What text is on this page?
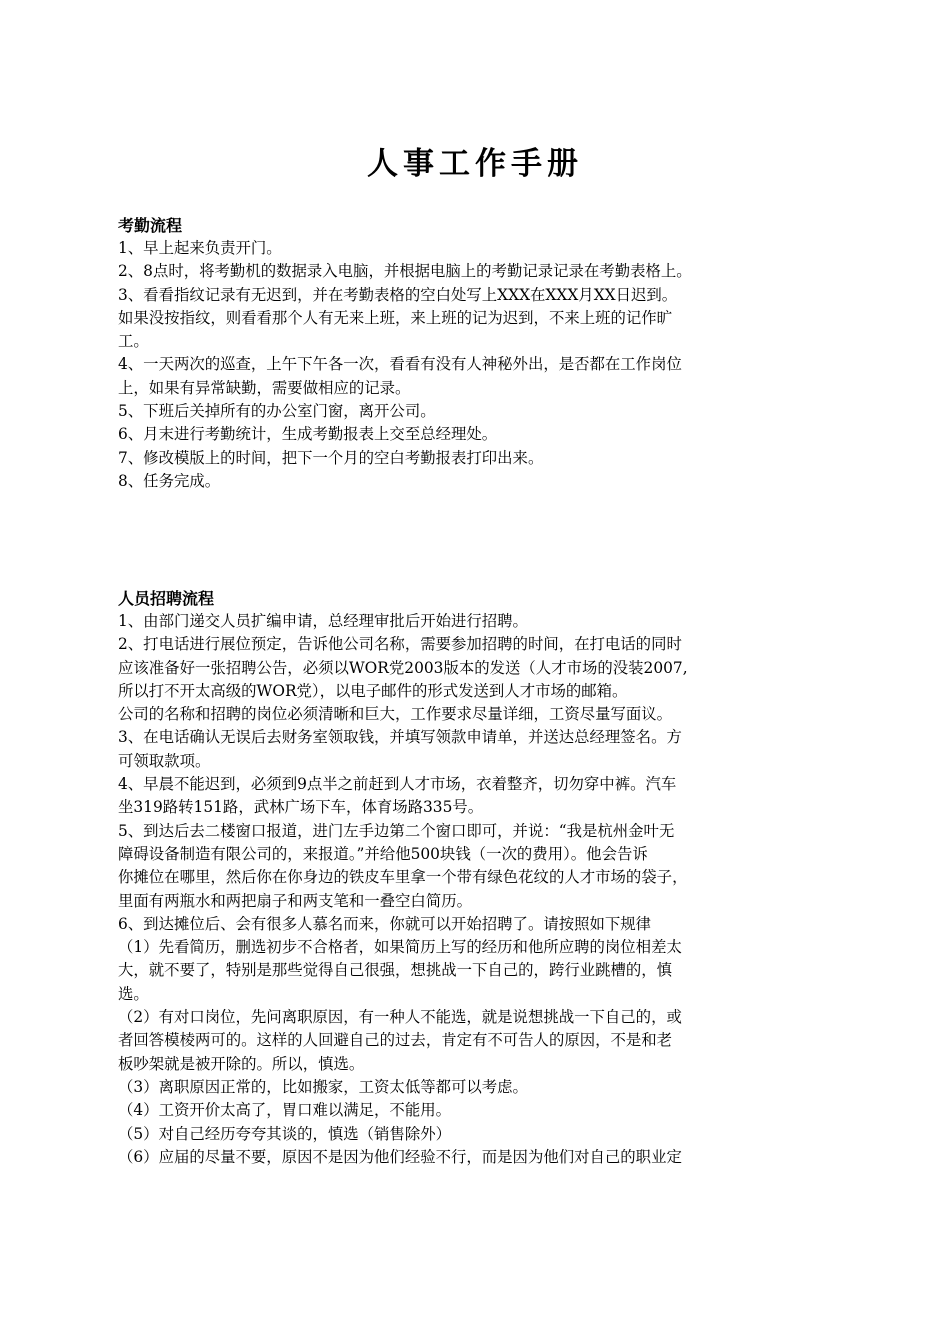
人事工作手册

考勤流程

1、早上起来负责开门。
2、8点时，将考勤机的数据录入电脑，并根据电脑上的考勤记录记录在考勤表格上。
3、看看指纹记录有无迟到，并在考勤表格的空白处写上XXX在XXX月XX日迟到。
如果没按指纹，则看看那个人有无来上班，来上班的记为迟到，不来上班的记作旷
工。
4、一天两次的巡查，上午下午各一次，看看有没有人神秘外出，是否都在工作岗位
上，如果有异常缺勤，需要做相应的记录。
5、下班后关掉所有的办公室门窗，离开公司。
6、月末进行考勤统计，生成考勤报表上交至总经理处。
7、修改模版上的时间，把下一个月的空白考勤报表打印出来。
8、任务完成。

人员招聘流程

1、由部门递交人员扩编申请，总经理审批后开始进行招聘。
2、打电话进行展位预定，告诉他公司名称，需要参加招聘的时间，在打电话的同时
应该准备好一张招聘公告，必须以WOR党2003版本的发送（人才市场的没装2007,
所以打不开太高级的WOR党），以电子邮件的形式发送到人才市场的邮箱。
公司的名称和招聘的岗位必须清晰和巨大，工作要求尽量详细，工资尽量写面议。
3、在电话确认无误后去财务室领取钱，并填写领款申请单，并送达总经理签名。方
可领取款项。
4、早晨不能迟到，必须到9点半之前赶到人才市场，衣着整齐，切勿穿中裤。汽车
坐319路转151路，武林广场下车，体育场路335号。
5、到达后去二楼窗口报道，进门左手边第二个窗口即可，并说：“我是杭州金叶无
障碍设备制造有限公司的，来报道。”并给他500块钱（一次的费用）。他会告诉
你摊位在哪里，然后你在你身边的铁皮车里拿一个带有绿色花纹的人才市场的袋子，
里面有两瓶水和两把扇子和两支笔和一叠空白简历。
6、到达摊位后、会有很多人慕名而来，你就可以开始招聘了。请按照如下规律
（1）先看简历，删选初步不合格者，如果简历上写的经历和他所应聘的岗位相差太
大，就不要了，特别是那些觉得自己很强，想挑战一下自己的，跨行业跳槽的，慎
选。
（2）有对口岗位，先问离职原因，有一种人不能选，就是说想挑战一下自己的，或
者回答模棱两可的。这样的人回避自己的过去，肯定有不可告人的原因，不是和老
板吵架就是被开除的。所以，慎选。
（3）离职原因正常的，比如搬家，工资太低等都可以考虑。
（4）工资开价太高了，胃口难以满足，不能用。
（5）对自己经历夸夸其谈的，慎选（销售除外）
（6）应届的尽量不要，原因不是因为他们经验不行，而是因为他们对自己的职业定
